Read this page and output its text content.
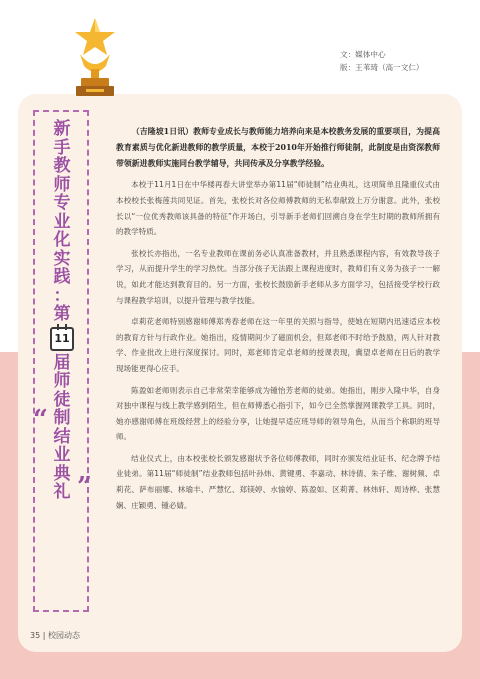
文：媒体中心
版：王苇琦（高一文仁）
新
手
教
师
专
业
化
实
践
：
第
11
届
师
徒
制
结
业
典
礼
“
”

（吉隆坡1日讯）教师专业成长与教师能力培养向来是本校教务发展的重要项目，为提高教育素质与优化新进教师的教学质量，本校于2010年开始推行师徒制，此制度是由资深教师带领新进教师实施同台教学辅导，共同传承及分享教学经验。

本校于11月1日在中华楼再春大讲堂举办第11届“师徒制”结业典礼，这项简单且隆重仪式由本校校长张梅莲共同见证。首先，张校长对各位师傅教师的无私奉献致上万分谢意。此外，张校长以“一位优秀教师该具备的特征”作开场白，引导新手老师们回溯自身在学生时期的教师所拥有的教学特质。

张校长亦指出，一名专业教师在课前务必认真准备教材，并且熟悉课程内容，有效教导孩子学习，从而提升学生的学习热忱。当部分孩子无法跟上课程进度时，教师们有义务为孩子一一解说，如此才能达到教育目的。另一方面，张校长鼓励新手老师从多方面学习，包括接受学校行政与课程教学培训，以提升管理与教学技能。

卓莉花老师特别感谢师傅郑秀春老师在这一年里的关照与指导，使她在短期内迅速适应本校的教育方针与行政作业。她指出，疫情期间少了磁面机会，但郑老师不时给予鼓励，两人针对教学、作业批改上进行深度探讨。同时，郑老师肯定卓老师的授课表现，冀望卓老师在日后的教学现场能更得心应手。

陈盈如老师则表示自己非常荣幸能够成为锺怡芳老师的徒弟。她指出，刚步入隆中华，自身对独中课程与线上教学感到陌生，但在师傅悉心指引下，如今已全然掌握网课教学工具。同时，她亦感谢师傅在班级经营上的经验分享，让她提早适应班导师的领导角色，从而当个称职的班导师。

结业仪式上，由本校张校长颁发感谢状予各位师傅教师，同时亦颁发结业证书、纪念牌予结业徒弟。第11届“师徒制”结业教师包括叶孙炜、黄键勇、李嘉动、林诗倩、朱子维、谢树频、卓莉花、萨布丽娜、林瑜丰、严慧忆、郑镁婷、水愉婷、陈盈如、区莉菁、林炜轩、周诗桦、张慧娴、庄颖勇、锺必婧。

35 | 校园动态
